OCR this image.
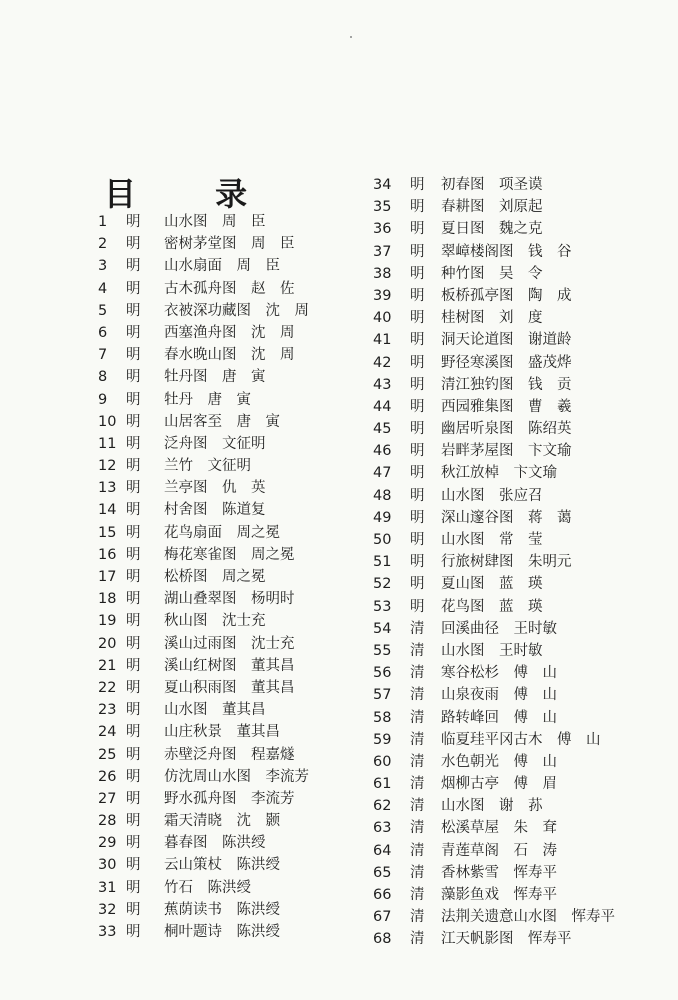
目 录
1 明 山水图　周　臣
2 明 密树茅堂图　周　臣
3 明 山水扇面　周　臣
4 明 古木孤舟图　赵　佐
5 明 衣被深功藏图　沈　周
6 明 西塞渔舟图　沈　周
7 明 春水晚山图　沈　周
8 明 牡丹图　唐　寅
9 明 牡丹　唐　寅
10 明 山居客至　唐　寅
11 明 泛舟图　文征明
12 明 兰竹　文征明
13 明 兰亭图　仇　英
14 明 村舍图　陈道复
15 明 花鸟扇面　周之冕
16 明 梅花寒雀图　周之冕
17 明 松桥图　周之冕
18 明 湖山叠翠图　杨明时
19 明 秋山图　沈士充
20 明 溪山过雨图　沈士充
21 明 溪山红树图　董其昌
22 明 夏山积雨图　董其昌
23 明 山水图　董其昌
24 明 山庄秋景　董其昌
25 明 赤壁泛舟图　程嘉燧
26 明 仿沈周山水图　李流芳
27 明 野水孤舟图　李流芳
28 明 霜天清晓　沈　颢
29 明 暮春图　陈洪绶
30 明 云山策杖　陈洪绶
31 明 竹石　陈洪绶
32 明 蕉荫读书　陈洪绶
33 明 桐叶题诗　陈洪绶
34 明 初春图　项圣谟
35 明 春耕图　刘原起
36 明 夏日图　魏之克
37 明 翠嶂楼阁图　钱　谷
38 明 种竹图　吴　令
39 明 板桥孤亭图　陶　成
40 明 桂树图　刘　度
41 明 洞天论道图　谢道龄
42 明 野径寒溪图　盛茂烨
43 明 清江独钓图　钱　贡
44 明 西园雅集图　曹　羲
45 明 幽居听泉图　陈绍英
46 明 岩畔茅屋图　卞文瑜
47 明 秋江放棹　卞文瑜
48 明 山水图　张应召
49 明 深山邃谷图　蒋　蔼
50 明 山水图　常　莹
51 明 行旅树肆图　朱明元
52 明 夏山图　蓝　瑛
53 明 花鸟图　蓝　瑛
54 清 回溪曲径　王时敏
55 清 山水图　王时敏
56 清 寒谷松杉　傅　山
57 清 山泉夜雨　傅　山
58 清 路转峰回　傅　山
59 清 临夏珪平冈古木　傅　山
60 清 水色朝光　傅　山
61 清 烟柳古亭　傅　眉
62 清 山水图　谢　荪
63 清 松溪草屋　朱　耷
64 清 青莲草阁　石　涛
65 清 香林紫雪　恽寿平
66 清 藻影鱼戏　恽寿平
67 清 法荆关遗意山水图　恽寿平
68 清 江天帆影图　恽寿平
